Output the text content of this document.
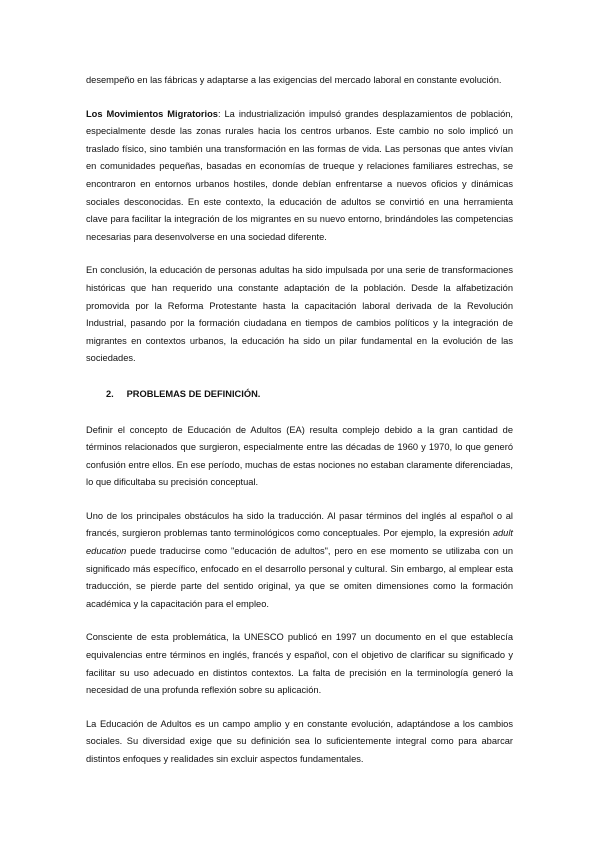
desempeño en las fábricas y adaptarse a las exigencias del mercado laboral en constante evolución.

Los Movimientos Migratorios: La industrialización impulsó grandes desplazamientos de población, especialmente desde las zonas rurales hacia los centros urbanos. Este cambio no solo implicó un traslado físico, sino también una transformación en las formas de vida. Las personas que antes vivían en comunidades pequeñas, basadas en economías de trueque y relaciones familiares estrechas, se encontraron en entornos urbanos hostiles, donde debían enfrentarse a nuevos oficios y dinámicas sociales desconocidas. En este contexto, la educación de adultos se convirtió en una herramienta clave para facilitar la integración de los migrantes en su nuevo entorno, brindándoles las competencias necesarias para desenvolverse en una sociedad diferente.

En conclusión, la educación de personas adultas ha sido impulsada por una serie de transformaciones históricas que han requerido una constante adaptación de la población. Desde la alfabetización promovida por la Reforma Protestante hasta la capacitación laboral derivada de la Revolución Industrial, pasando por la formación ciudadana en tiempos de cambios políticos y la integración de migrantes en contextos urbanos, la educación ha sido un pilar fundamental en la evolución de las sociedades.

2. PROBLEMAS DE DEFINICIÓN.

Definir el concepto de Educación de Adultos (EA) resulta complejo debido a la gran cantidad de términos relacionados que surgieron, especialmente entre las décadas de 1960 y 1970, lo que generó confusión entre ellos. En ese período, muchas de estas nociones no estaban claramente diferenciadas, lo que dificultaba su precisión conceptual.

Uno de los principales obstáculos ha sido la traducción. Al pasar términos del inglés al español o al francés, surgieron problemas tanto terminológicos como conceptuales. Por ejemplo, la expresión adult education puede traducirse como "educación de adultos", pero en ese momento se utilizaba con un significado más específico, enfocado en el desarrollo personal y cultural. Sin embargo, al emplear esta traducción, se pierde parte del sentido original, ya que se omiten dimensiones como la formación académica y la capacitación para el empleo.

Consciente de esta problemática, la UNESCO publicó en 1997 un documento en el que establecía equivalencias entre términos en inglés, francés y español, con el objetivo de clarificar su significado y facilitar su uso adecuado en distintos contextos. La falta de precisión en la terminología generó la necesidad de una profunda reflexión sobre su aplicación.

La Educación de Adultos es un campo amplio y en constante evolución, adaptándose a los cambios sociales. Su diversidad exige que su definición sea lo suficientemente integral como para abarcar distintos enfoques y realidades sin excluir aspectos fundamentales.
